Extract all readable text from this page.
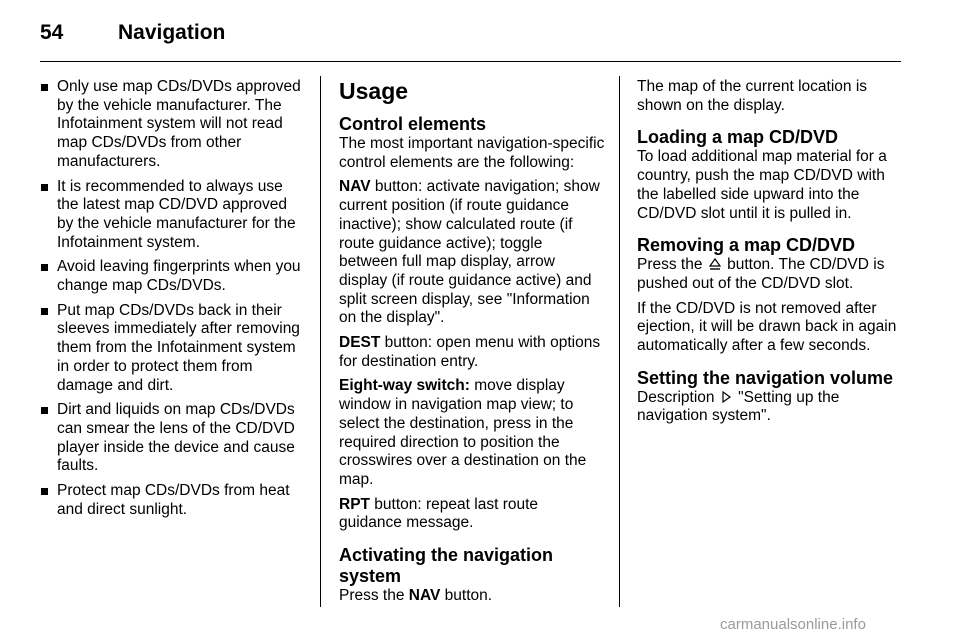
54	Navigation
Only use map CDs/DVDs approved by the vehicle manufacturer. The Infotainment system will not read map CDs/DVDs from other manufacturers.
It is recommended to always use the latest map CD/DVD approved by the vehicle manufacturer for the Infotainment system.
Avoid leaving fingerprints when you change map CDs/DVDs.
Put map CDs/DVDs back in their sleeves immediately after removing them from the Infotainment system in order to protect them from damage and dirt.
Dirt and liquids on map CDs/DVDs can smear the lens of the CD/DVD player inside the device and cause faults.
Protect map CDs/DVDs from heat and direct sunlight.
Usage
Control elements

The most important navigation-specific control elements are the following:

NAV button: activate navigation; show current position (if route guidance inactive); show calculated route (if route guidance active); toggle between full map display, arrow display (if route guidance active) and split screen display, see "Information on the display".

DEST button: open menu with options for destination entry.

Eight-way switch: move display window in navigation map view; to select the destination, press in the required direction to position the crosswires over a destination on the map.

RPT button: repeat last route guidance message.

Activating the navigation system

Press the NAV button.

The map of the current location is shown on the display.

Loading a map CD/DVD

To load additional map material for a country, push the map CD/DVD with the labelled side upward into the CD/DVD slot until it is pulled in.

Removing a map CD/DVD

Press the  button. The CD/DVD is pushed out of the CD/DVD slot.

If the CD/DVD is not removed after ejection, it will be drawn back in again automatically after a few seconds.

Setting the navigation volume

Description  "Setting up the navigation system".

carmanualsonline.info
